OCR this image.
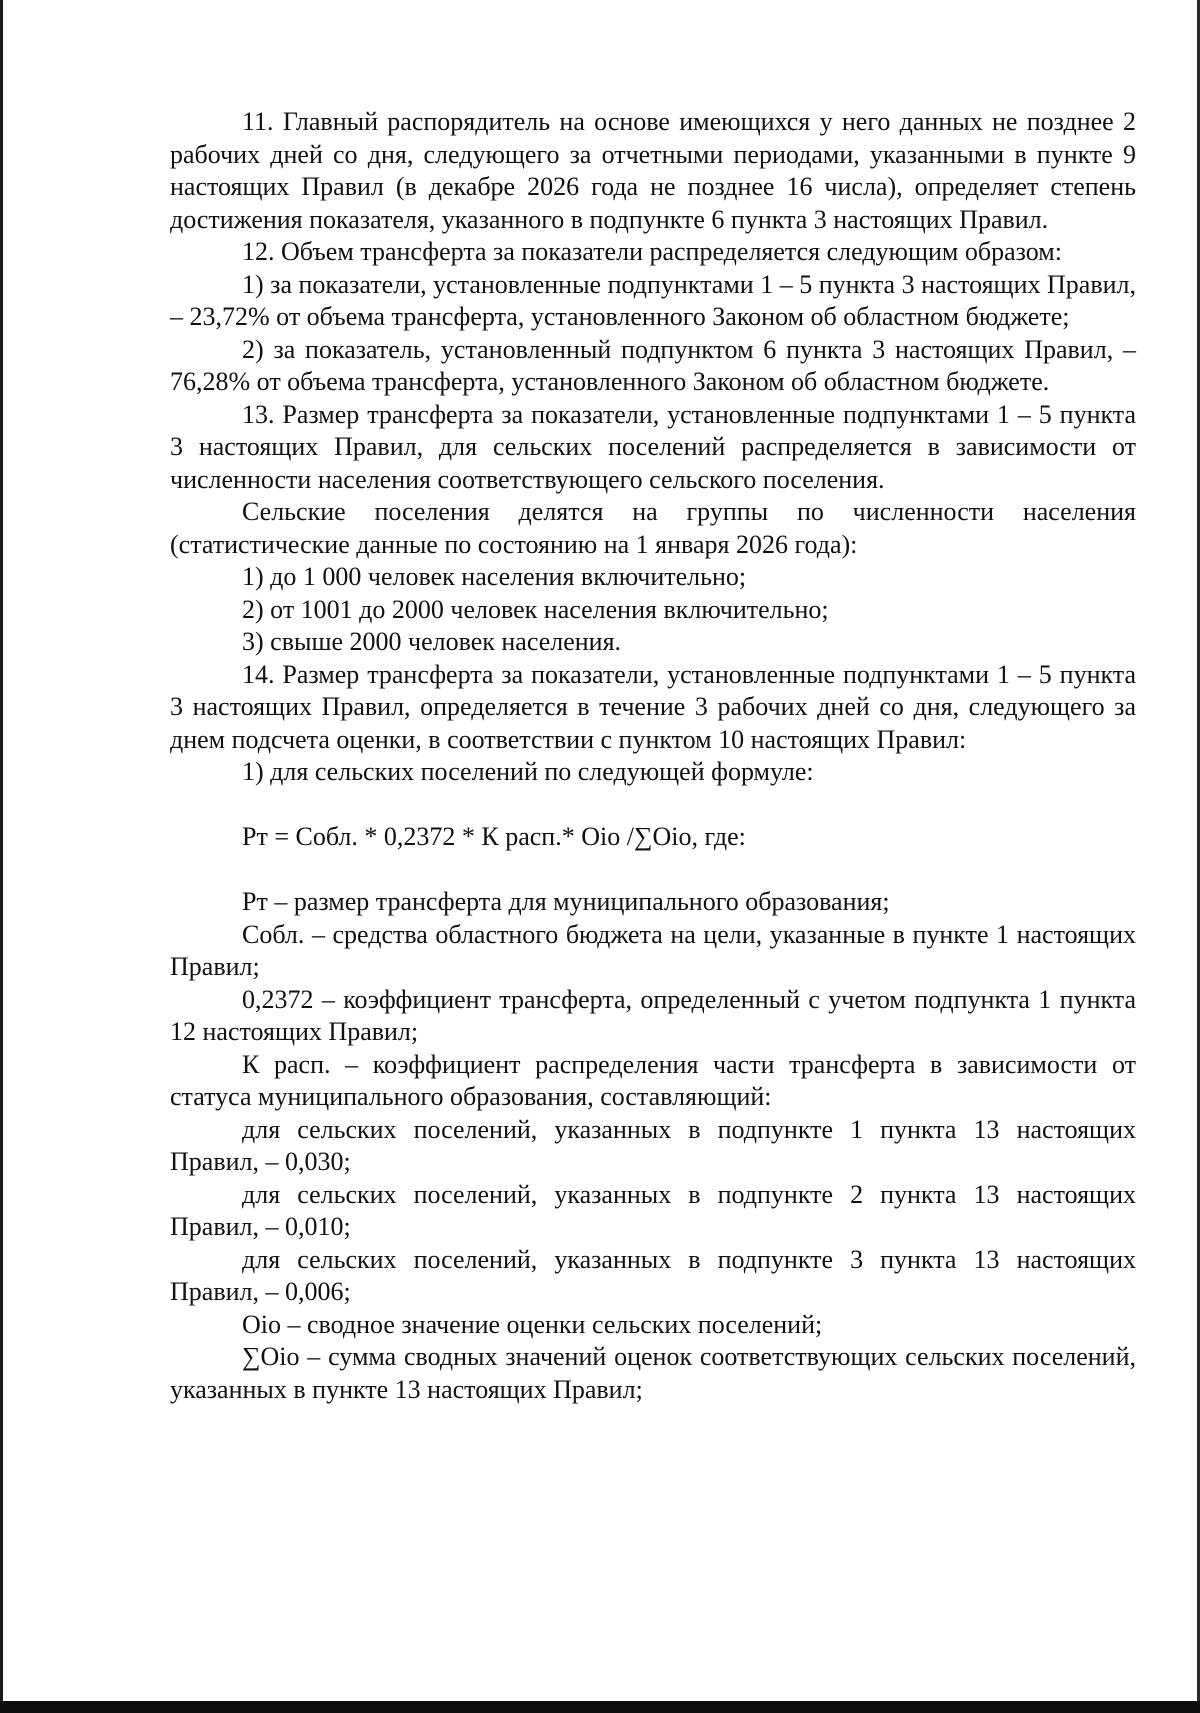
11. Главный распорядитель на основе имеющихся у него данных не позднее 2 рабочих дней со дня, следующего за отчетными периодами, указанными в пункте 9 настоящих Правил (в декабре 2026 года не позднее 16 числа), определяет степень достижения показателя, указанного в подпункте 6 пункта 3 настоящих Правил.

12. Объем трансферта за показатели распределяется следующим образом:

1) за показатели, установленные подпунктами 1 – 5 пункта 3 настоящих Правил, – 23,72% от объема трансферта, установленного Законом об областном бюджете;

2) за показатель, установленный подпунктом 6 пункта 3 настоящих Правил, – 76,28% от объема трансферта, установленного Законом об областном бюджете.

13. Размер трансферта за показатели, установленные подпунктами 1 – 5 пункта 3 настоящих Правил, для сельских поселений распределяется в зависимости от численности населения соответствующего сельского поселения.

Сельские поселения делятся на группы по численности населения (статистические данные по состоянию на 1 января 2026 года):

1) до 1 000 человек населения включительно;

2) от 1001 до 2000 человек населения включительно;

3) свыше 2000 человек населения.

14. Размер трансферта за показатели, установленные подпунктами 1 – 5 пункта 3 настоящих Правил, определяется в течение 3 рабочих дней со дня, следующего за днем подсчета оценки, в соответствии с пунктом 10 настоящих Правил:

1) для сельских поселений по следующей формуле:

Рт = Собл. * 0,2372 * К расп.* Оiо /∑Оiо, где:

Рт – размер трансферта для муниципального образования;

Собл. – средства областного бюджета на цели, указанные в пункте 1 настоящих Правил;

0,2372 – коэффициент трансферта, определенный с учетом подпункта 1 пункта 12 настоящих Правил;

К расп. – коэффициент распределения части трансферта в зависимости от статуса муниципального образования, составляющий:

для сельских поселений, указанных в подпункте 1 пункта 13 настоящих Правил, – 0,030;

для сельских поселений, указанных в подпункте 2 пункта 13 настоящих Правил, – 0,010;

для сельских поселений, указанных в подпункте 3 пункта 13 настоящих Правил, – 0,006;

Оiо – сводное значение оценки сельских поселений;

∑Оiо – сумма сводных значений оценок соответствующих сельских поселений, указанных в пункте 13 настоящих Правил;
